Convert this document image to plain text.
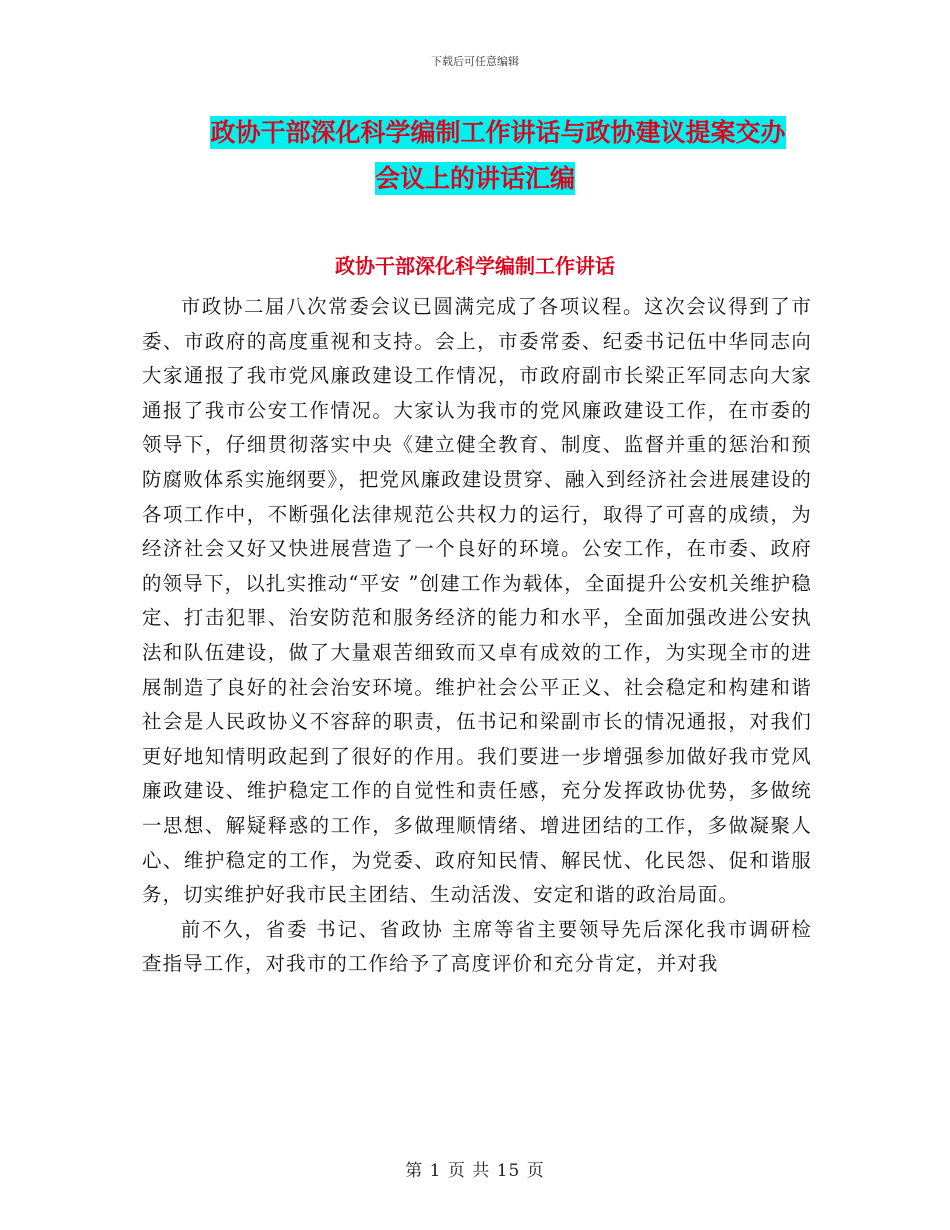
下载后可任意编辑
政协干部深化科学编制工作讲话与政协建议提案交办
会议上的讲话汇编
政协干部深化科学编制工作讲话

市政协二届八次常委会议已圆满完成了各项议程。这次会议得到了市委、市政府的高度重视和支持。会上，市委常委、纪委书记伍中华同志向大家通报了我市党风廉政建设工作情况，市政府副市长梁正军同志向大家通报了我市公安工作情况。大家认为我市的党风廉政建设工作，在市委的领导下，仔细贯彻落实中央《建立健全教育、制度、监督并重的惩治和预防腐败体系实施纲要》，把党风廉政建设贯穿、融入到经济社会进展建设的各项工作中，不断强化法律规范公共权力的运行，取得了可喜的成绩，为经济社会又好又快进展营造了一个良好的环境。公安工作，在市委、政府的领导下，以扎实推动“平安 ”创建工作为载体，全面提升公安机关维护稳定、打击犯罪、治安防范和服务经济的能力和水平，全面加强改进公安执法和队伍建设，做了大量艰苦细致而又卓有成效的工作，为实现全市的进展制造了良好的社会治安环境。维护社会公平正义、社会稳定和构建和谐社会是人民政协义不容辞的职责，伍书记和梁副市长的情况通报，对我们更好地知情明政起到了很好的作用。我们要进一步增强参加做好我市党风廉政建设、维护稳定工作的自觉性和责任感，充分发挥政协优势，多做统一思想、解疑释惑的工作，多做理顺情绪、增进团结的工作，多做凝聚人心、维护稳定的工作，为党委、政府知民情、解民忧、化民怨、促和谐服务，切实维护好我市民主团结、生动活泼、安定和谐的政治局面。

前不久，省委 书记、省政协 主席等省主要领导先后深化我市调研检查指导工作，对我市的工作给予了高度评价和充分肯定，并对我

第 1 页 共 15 页
